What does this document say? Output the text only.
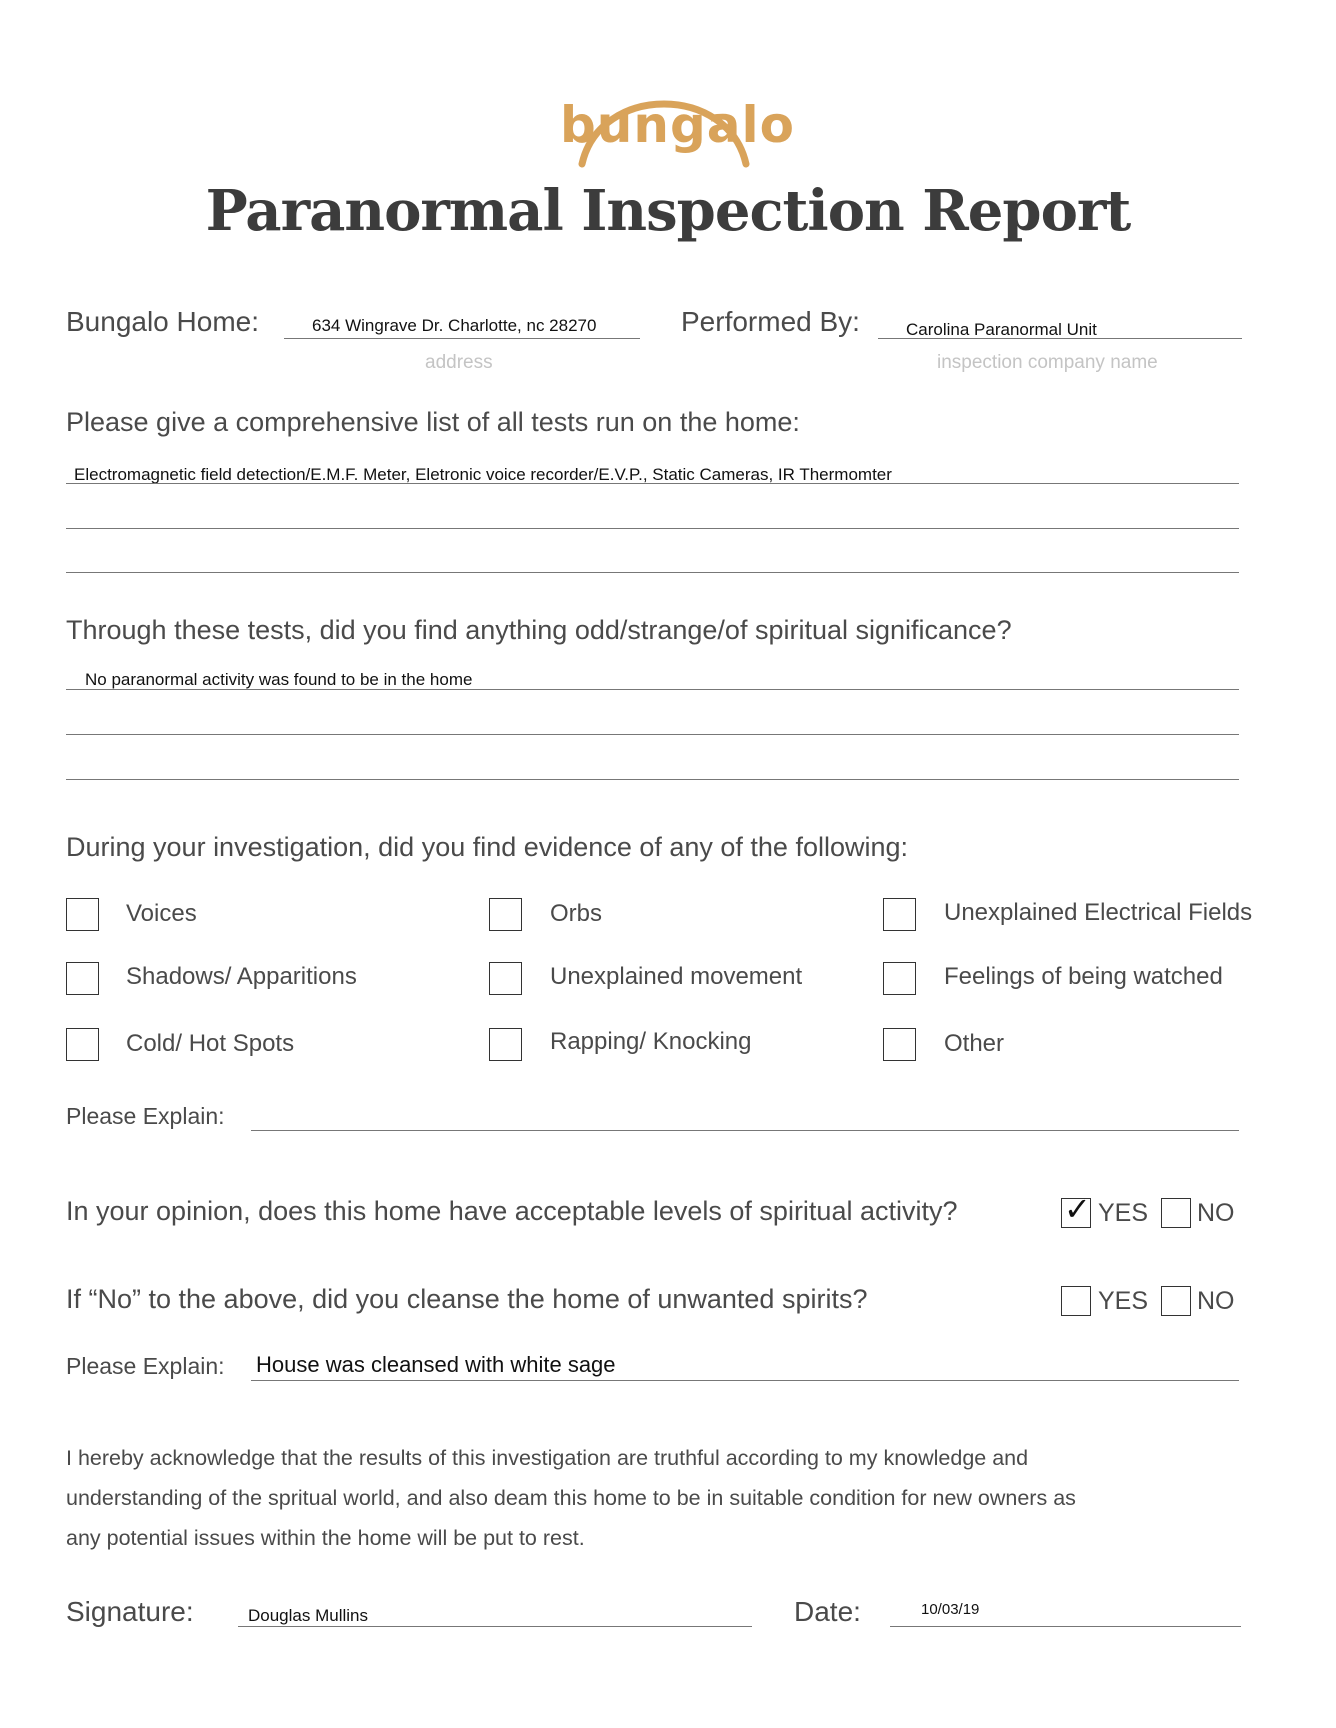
bungalo
Paranormal Inspection Report
Bungalo Home:	634 Wingrave Dr. Charlotte, nc 28270
address
Performed By:	Carolina Paranormal Unit
inspection company name
Please give a comprehensive list of all tests run on the home:
Electromagnetic field detection/E.M.F. Meter, Eletronic voice recorder/E.V.P., Static Cameras, IR Thermomter
Through these tests, did you find anything odd/strange/of spiritual significance?
No paranormal activity was found to be in the home
During your investigation, did you find evidence of any of the following:
Voices	Orbs	Unexplained Electrical Fields
Shadows/ Apparitions	Unexplained movement	Feelings of being watched
Cold/ Hot Spots	Rapping/ Knocking	Other
Please Explain:
In your opinion, does this home have acceptable levels of spiritual activity?	✓ YES NO
If “No” to the above, did you cleanse the home of unwanted spirits?	YES NO
Please Explain: House was cleansed with white sage
I hereby acknowledge that the results of this investigation are truthful according to my knowledge and
understanding of the spritual world, and also deam this home to be in suitable condition for new owners as
any potential issues within the home will be put to rest.
Signature:	Douglas Mullins	Date:	10/03/19
